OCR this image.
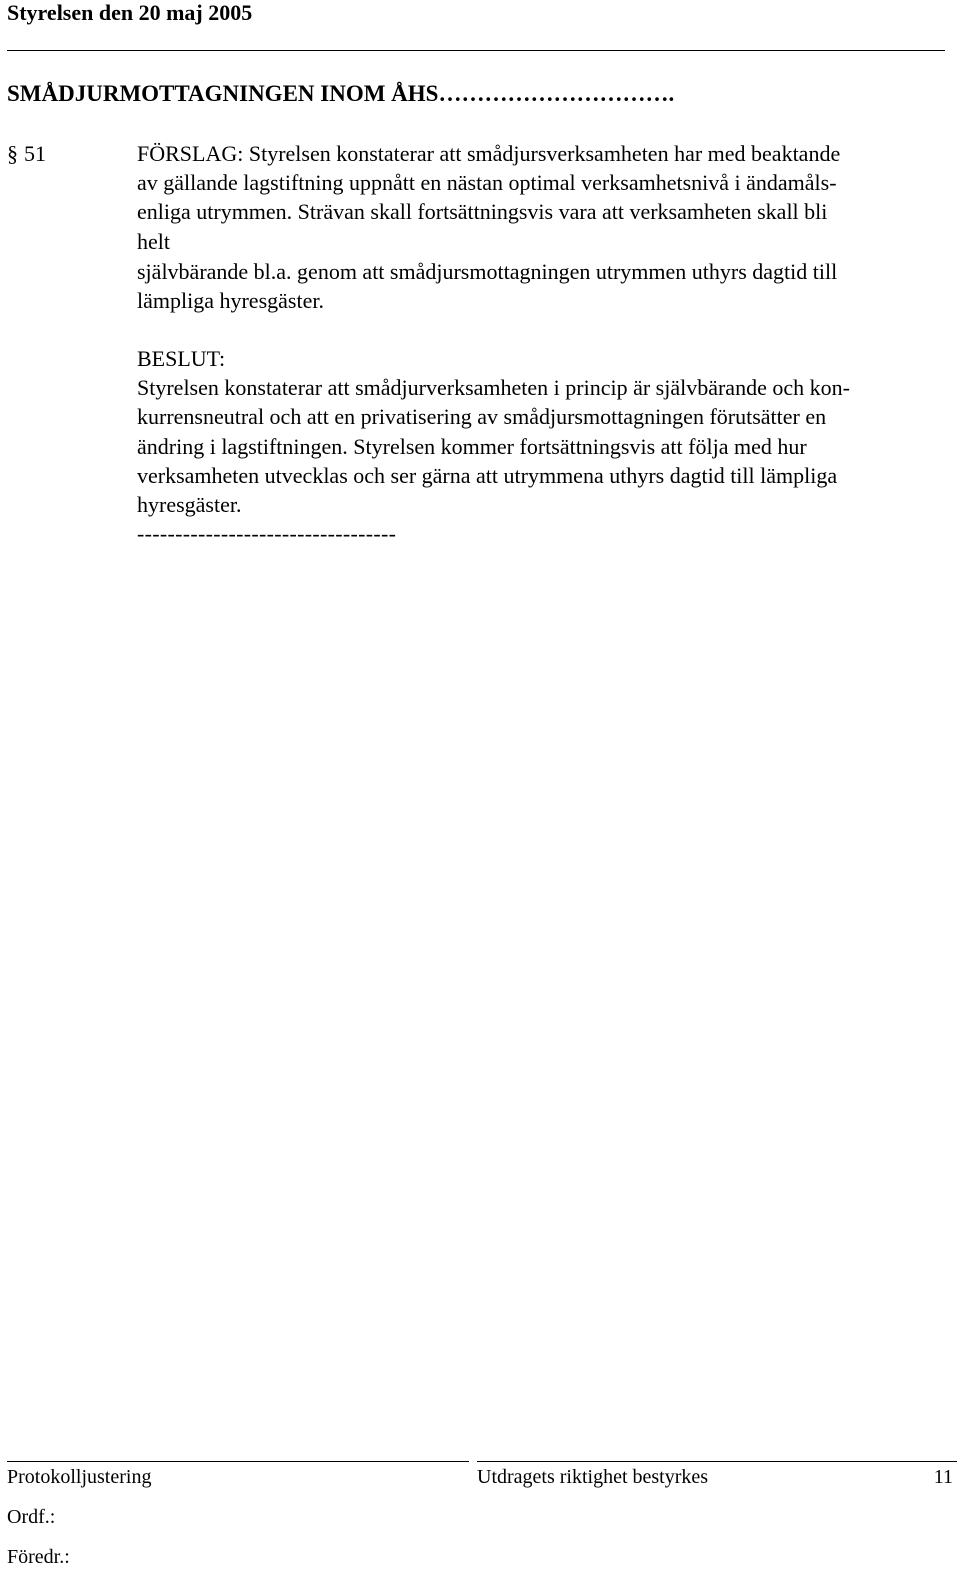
Styrelsen den 20 maj 2005
SMÅDJURMOTTAGNINGEN INOM ÅHS………………………….
§ 51	FÖRSLAG: Styrelsen konstaterar att smådjursverksamheten har med beaktande
av gällande lagstiftning uppnått en nästan optimal verksamhetsnivå i ändamåls-
enliga utrymmen. Strävan skall fortsättningsvis vara att verksamheten skall bli
helt
självbärande bl.a. genom att smådjursmottagningen utrymmen uthyrs dagtid till
lämpliga hyresgäster.
BESLUT:
Styrelsen konstaterar att smådjurverksamheten i princip är självbärande och kon-
kurrensneutral och att en privatisering av smådjursmottagningen förutsätter en
ändring i lagstiftningen. Styrelsen kommer fortsättningsvis att följa med hur
verksamheten utvecklas och ser gärna att utrymmena uthyrs dagtid till lämpliga
hyresgäster.
----------------------------------
Protokolljustering	Utdragets riktighet bestyrkes	11
Ordf.:
Föredr.:
